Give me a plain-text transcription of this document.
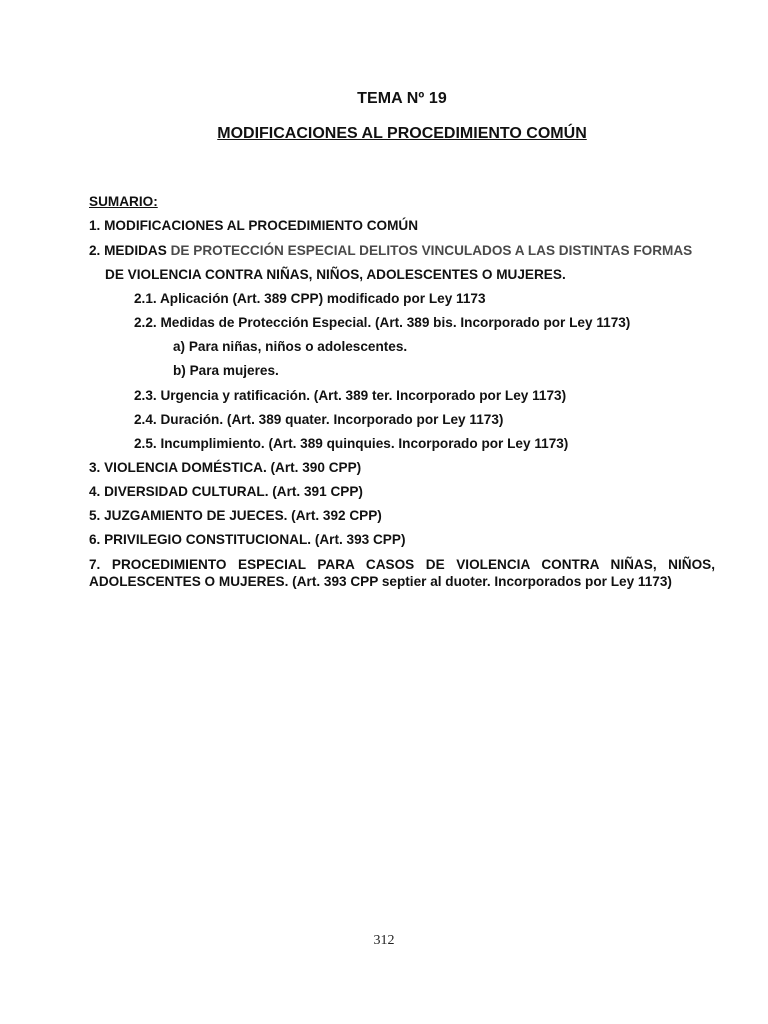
TEMA Nº 19
MODIFICACIONES AL PROCEDIMIENTO COMÚN
SUMARIO:
1. MODIFICACIONES AL PROCEDIMIENTO COMÚN
2. MEDIDAS DE PROTECCIÓN ESPECIAL DELITOS VINCULADOS A LAS DISTINTAS FORMAS
DE VIOLENCIA CONTRA NIÑAS, NIÑOS, ADOLESCENTES O MUJERES.
2.1. Aplicación (Art. 389 CPP) modificado por Ley 1173
2.2. Medidas de Protección Especial. (Art. 389 bis. Incorporado por Ley 1173)
a) Para niñas, niños o adolescentes.
b) Para mujeres.
2.3. Urgencia y ratificación. (Art. 389 ter. Incorporado por Ley 1173)
2.4. Duración. (Art. 389 quater. Incorporado por Ley 1173)
2.5. Incumplimiento. (Art. 389 quinquies. Incorporado por Ley 1173)
3. VIOLENCIA DOMÉSTICA. (Art. 390 CPP)
4. DIVERSIDAD CULTURAL. (Art. 391 CPP)
5. JUZGAMIENTO DE JUECES. (Art. 392 CPP)
6. PRIVILEGIO CONSTITUCIONAL. (Art. 393 CPP)
7. PROCEDIMIENTO ESPECIAL PARA CASOS DE VIOLENCIA CONTRA NIÑAS, NIÑOS, ADOLESCENTES O MUJERES. (Art. 393 CPP septier al duoter. Incorporados por Ley 1173)
312
